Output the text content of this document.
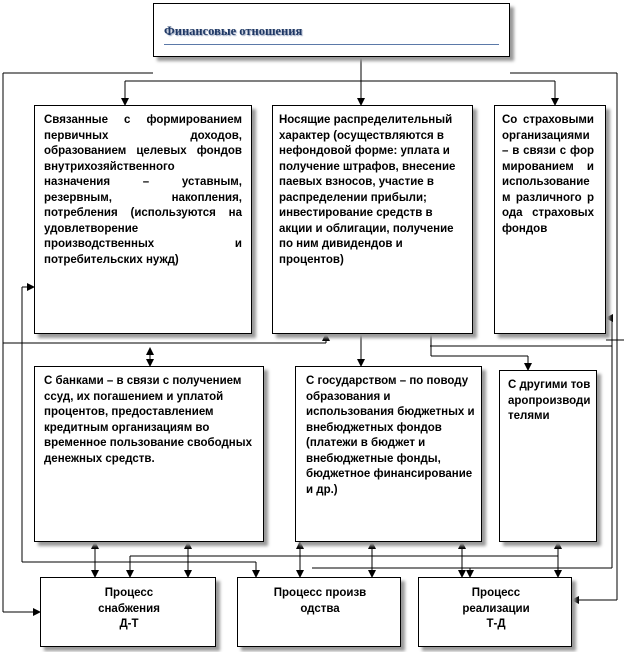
Финансовые отношения
Связанные с формированием первичных доходов, образованием целевых фондов внутрихозяйственного назначения – уставным, резервным, накопления, потребления (используются на удовлетворение производственных и потребительских нужд)
Носящие распределительный характер (осуществляются в нефондовой форме: уплата и получение штрафов, внесение паевых взносов, участие в распределении прибыли; инвестирование средств в акции и облигации, получение по ним дивидендов и процентов)
Со страховыми организациями – в связи с формированием и использованием различного рода страховых фондов
С банками – в связи с получением ссуд, их погашением и уплатой процентов, предоставлением кредитным организациям во временное пользование свободных денежных средств.
С государством – по поводу образования и использования бюджетных и внебюджетных фондов (платежи в бюджет и внебюджетные фонды, бюджетное финансирование и др.)
С другими товаропроизводителями
Процесс снабжения Д-Т
Процесс производства
Процесс реализации Т-Д
